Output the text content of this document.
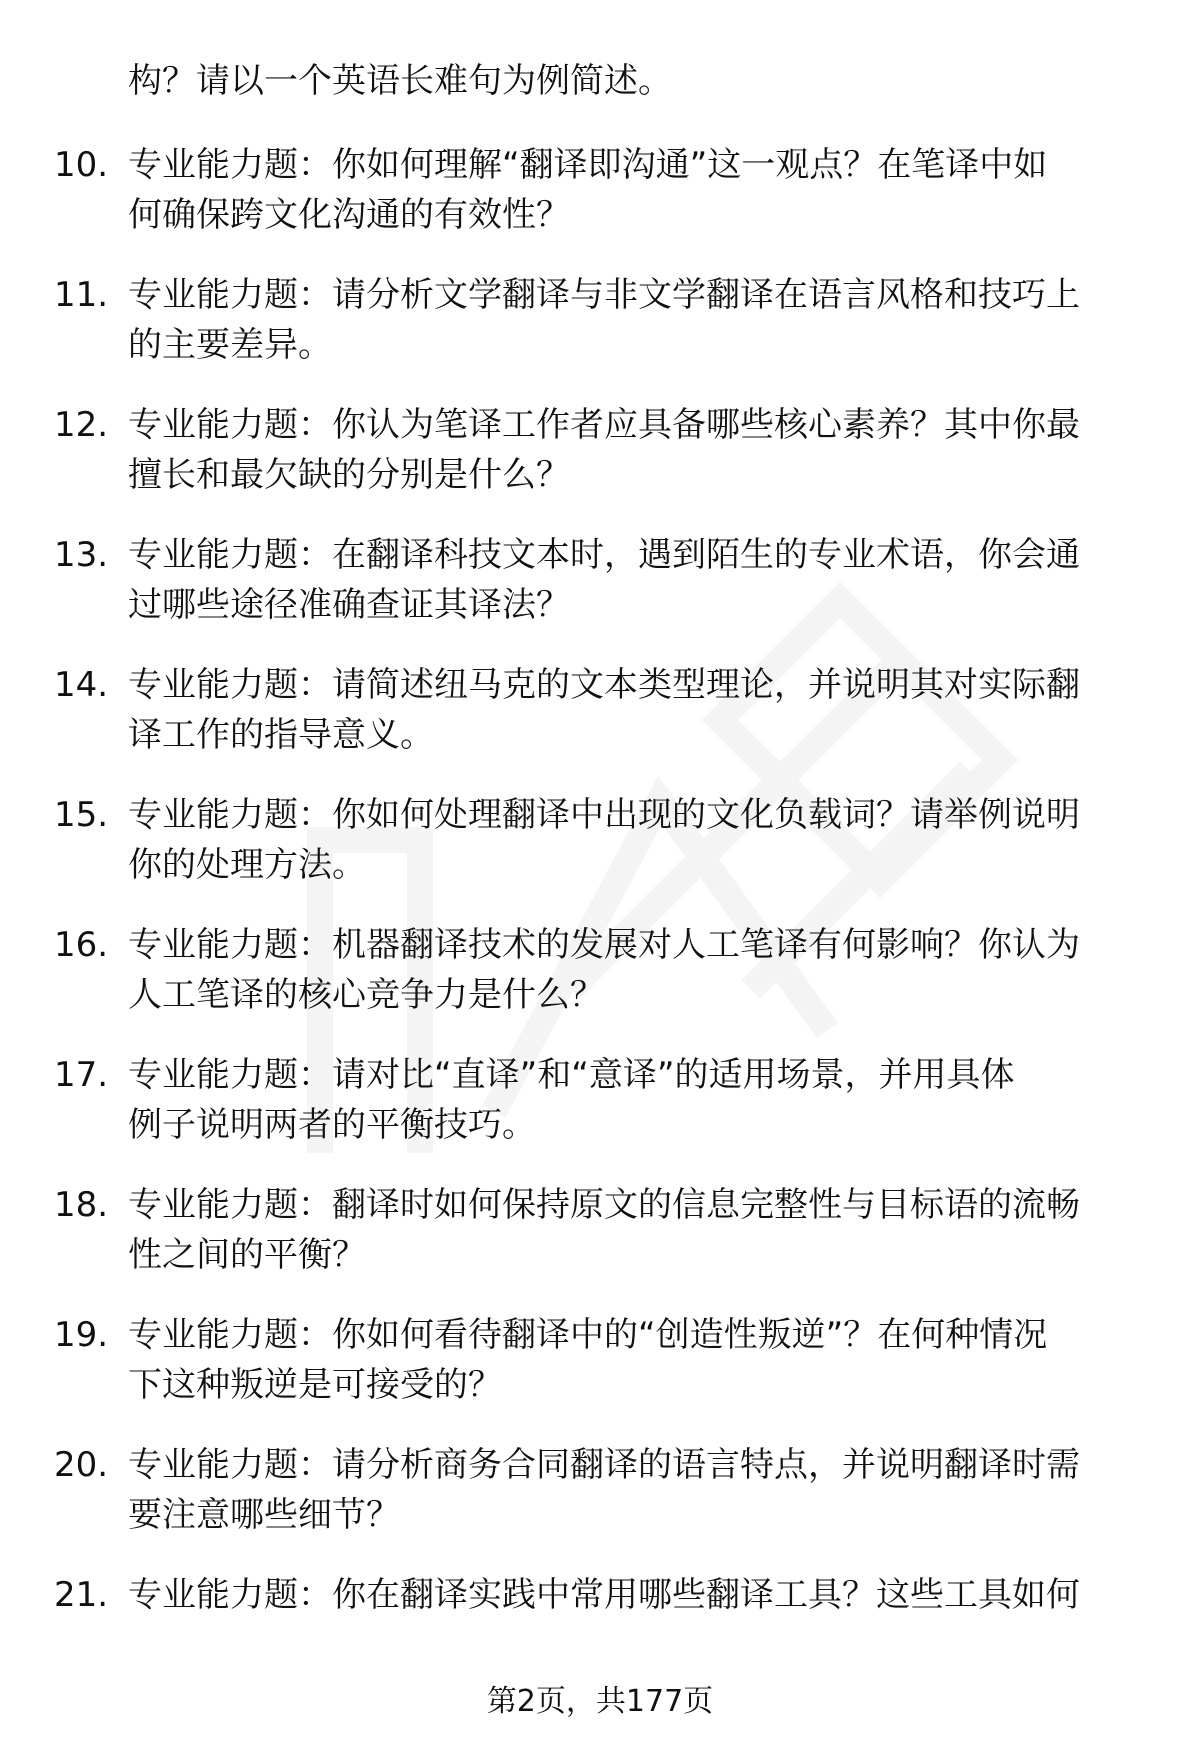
构？请以一个英语长难句为例简述。
10. 专业能力题：你如何理解“翻译即沟通”这一观点？在笔译中如
何确保跨文化沟通的有效性？
11. 专业能力题：请分析文学翻译与非文学翻译在语言风格和技巧上
的主要差异。
12. 专业能力题：你认为笔译工作者应具备哪些核心素养？其中你最
擅长和最欠缺的分别是什么？
13. 专业能力题：在翻译科技文本时，遇到陌生的专业术语，你会通
过哪些途径准确查证其译法？
14. 专业能力题：请简述纽马克的文本类型理论，并说明其对实际翻
译工作的指导意义。
15. 专业能力题：你如何处理翻译中出现的文化负载词？请举例说明
你的处理方法。
16. 专业能力题：机器翻译技术的发展对人工笔译有何影响？你认为
人工笔译的核心竞争力是什么？
17. 专业能力题：请对比“直译”和“意译”的适用场景，并用具体
例子说明两者的平衡技巧。
18. 专业能力题：翻译时如何保持原文的信息完整性与目标语的流畅
性之间的平衡？
19. 专业能力题：你如何看待翻译中的“创造性叛逆”？在何种情况
下这种叛逆是可接受的？
20. 专业能力题：请分析商务合同翻译的语言特点，并说明翻译时需
要注意哪些细节？
21. 专业能力题：你在翻译实践中常用哪些翻译工具？这些工具如何
第2页，共177页
